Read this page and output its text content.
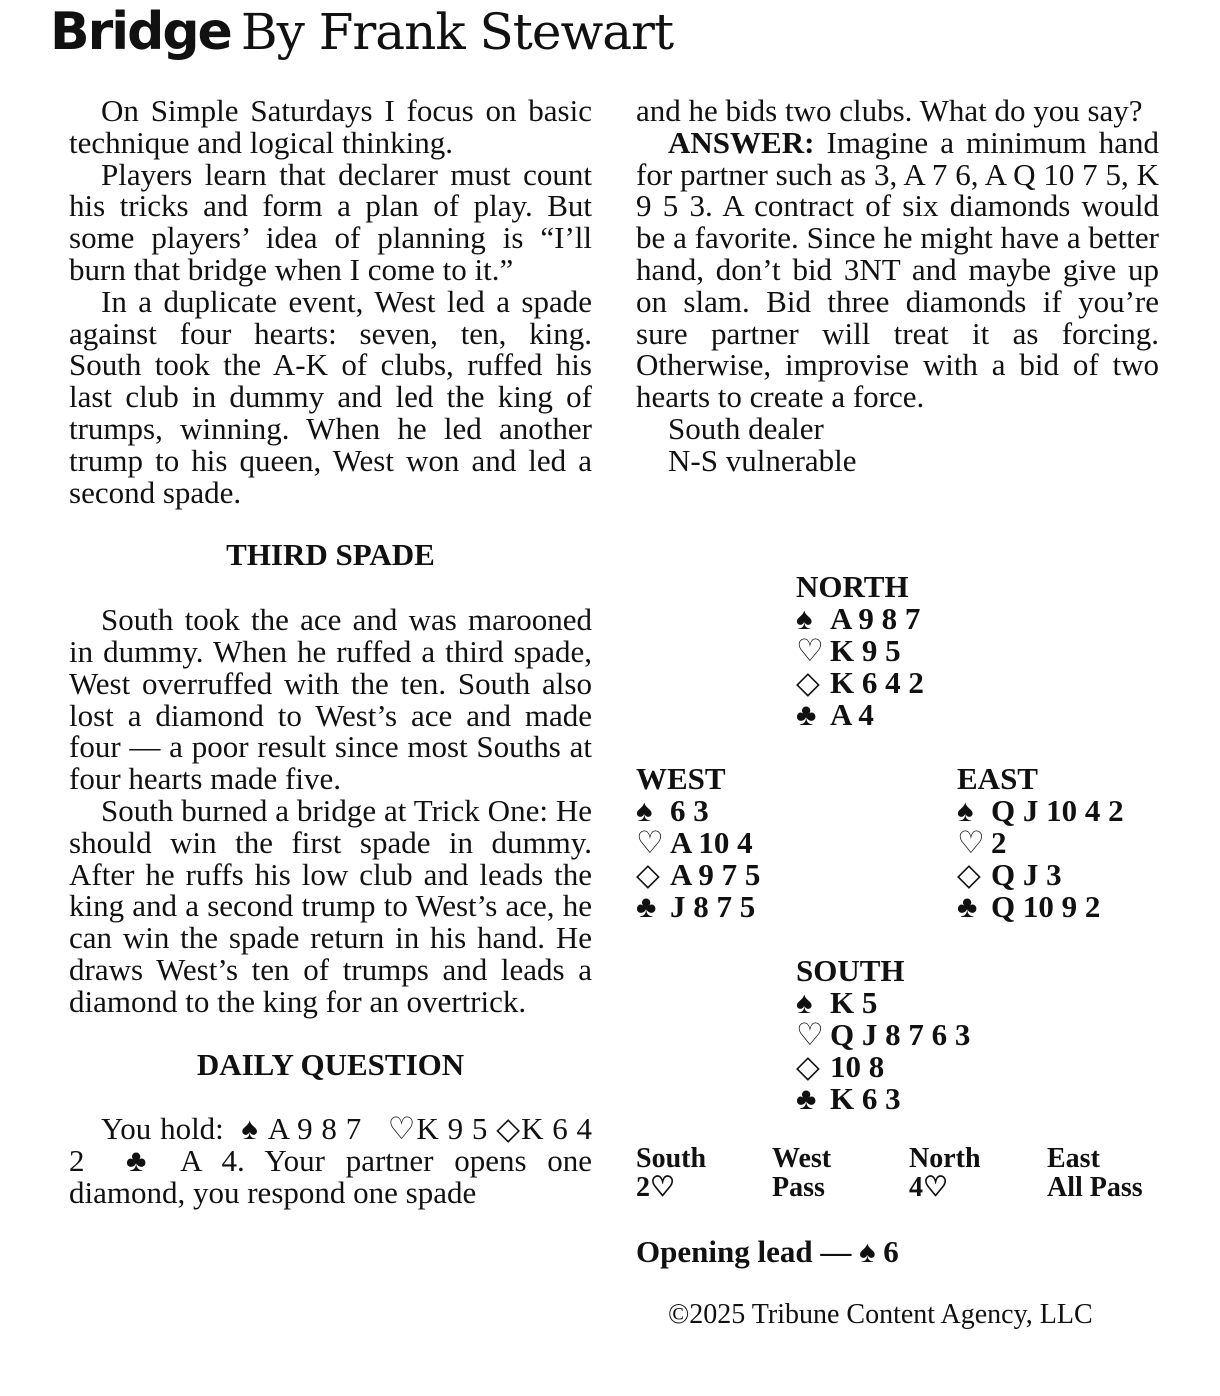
Bridge By Frank Stewart

On Simple Saturdays I focus on basic technique and logical thinking.

Players learn that declarer must count his tricks and form a plan of play. But some players’ idea of planning is “I’ll burn that bridge when I come to it.”

In a duplicate event, West led a spade against four hearts: seven, ten, king. South took the A-K of clubs, ruffed his last club in dummy and led the king of trumps, winning. When he led another trump to his queen, West won and led a second spade.

THIRD SPADE

South took the ace and was marooned in dummy. When he ruffed a third spade, West overruffed with the ten. South also lost a diamond to West’s ace and made four — a poor result since most Souths at four hearts made five.

South burned a bridge at Trick One: He should win the first spade in dummy. After he ruffs his low club and leads the king and a second trump to West’s ace, he can win the spade return in his hand. He draws West’s ten of trumps and leads a diamond to the king for an overtrick.

DAILY QUESTION

You hold: ♠ A 9 8 7 ♡K 9 5 ◇K 6 4 2 ♣ A 4. Your partner opens one diamond, you respond one spade

and he bids two clubs. What do you say?

ANSWER: Imagine a minimum hand for partner such as 3, A 7 6, A Q 10 7 5, K 9 5 3. A contract of six diamonds would be a favorite. Since he might have a better hand, don’t bid 3NT and maybe give up on slam. Bid three diamonds if you’re sure partner will treat it as forcing. Otherwise, improvise with a bid of two hearts to create a force.

South dealer
N-S vulnerable
NORTH
♠ A 9 8 7
♡ K 9 5
◇ K 6 4 2
♣ A 4
WEST
♠ 6 3
♡ A 10 4
◇ A 9 7 5
♣ J 8 7 5
EAST
♠ Q J 10 4 2
♡ 2
◇ Q J 3
♣ Q 10 9 2
SOUTH
♠ K 5
♡ Q J 8 7 6 3
◇ 10 8
♣ K 6 3
South
2♡
West
Pass
North
4♡
East
All Pass
Opening lead — ♠ 6
©2025 Tribune Content Agency, LLC
